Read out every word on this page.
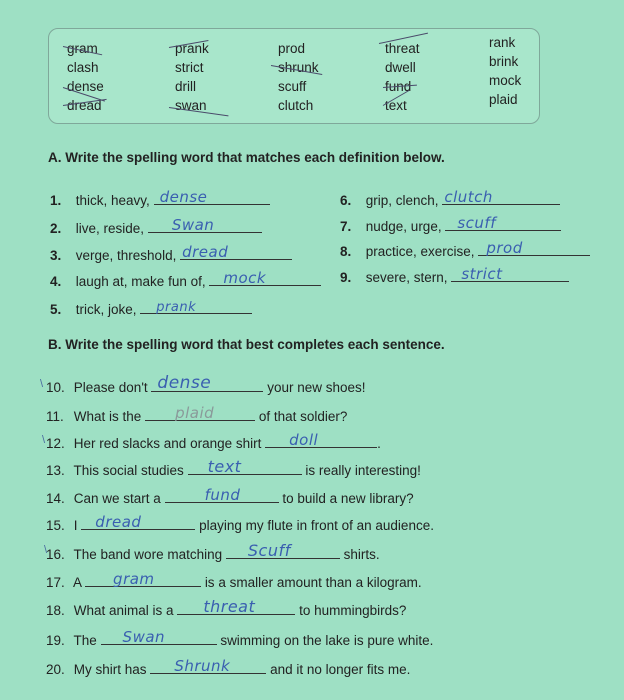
gram
clash
dense
dread
prank
strict
drill
swan
prod
shrunk
scuff
clutch
threat
dwell
fund
text
rank
brink
mock
plaid
A. Write the spelling word that matches each definition below.
1. thick, heavy, dense
2. live, reside, Swan
3. verge, threshold, dread
4. laugh at, make fun of, mock
5. trick, joke, prank
6. grip, clench, clutch
7. nudge, urge, scuff
8. practice, exercise, prod
9. severe, stern, strict
B. Write the spelling word that best completes each sentence.
\
\
\
10. Please don't dense	your new shoes!
11. What is the plaid	of that soldier?
12. Her red slacks and orange shirt doll	.
13. This social studies text	is really interesting!
14. Can we start a	fund	to build a new library?
15. I dread	playing my flute in front of an audience.
16. The band wore matching Scuff	shirts.
17. A gram	is a smaller amount than a kilogram.
18. What animal is a threat	to hummingbirds?
19. The Swan	swimming on the lake is pure white.
20. My shirt has Shrunk	and it no longer fits me.
